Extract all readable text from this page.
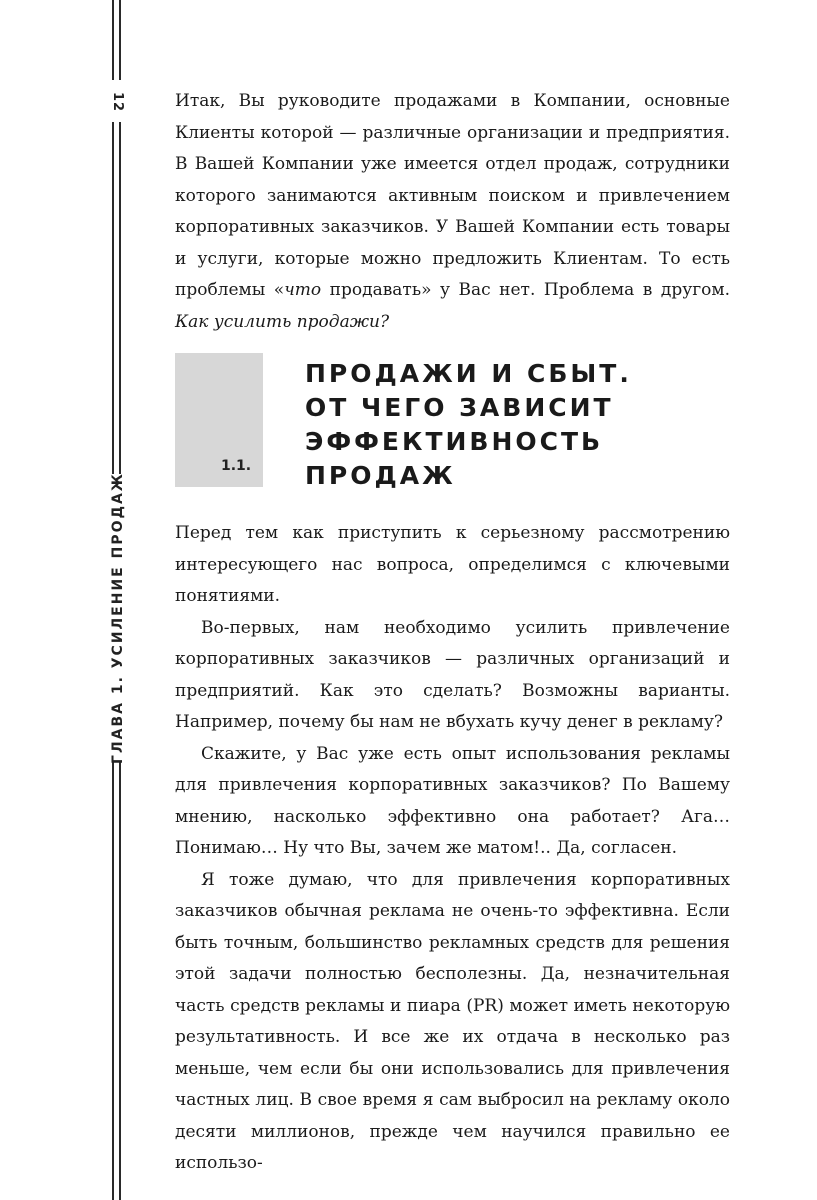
12
ГЛАВА 1. УСИЛЕНИЕ ПРОДАЖ

Итак, Вы руководите продажами в Компании, основные Клиенты которой — различные организации и предприятия. В Вашей Компании уже имеется отдел продаж, сотрудники которого занимаются активным поиском и привлечением корпоративных заказчиков. У Вашей Компании есть товары и услуги, которые можно предложить Клиентам. То есть проблемы «что продавать» у Вас нет. Проблема в другом. Как усилить продажи?

1.1.
ПРОДАЖИ И СБЫТ.
ОТ ЧЕГО ЗАВИСИТ
ЭФФЕКТИВНОСТЬ
ПРОДАЖ

Перед тем как приступить к серьезному рассмотрению интересующего нас вопроса, определимся с ключевыми понятиями.

Во-первых, нам необходимо усилить привлечение корпоративных заказчиков — различных организаций и предприятий. Как это сделать? Возможны варианты. Например, почему бы нам не вбухать кучу денег в рекламу?

Скажите, у Вас уже есть опыт использования рекламы для привлечения корпоративных заказчиков? По Вашему мнению, насколько эффективно она работает? Ага… Понимаю… Ну что Вы, зачем же матом!.. Да, согласен.

Я тоже думаю, что для привлечения корпоративных заказчиков обычная реклама не очень-то эффективна. Если быть точным, большинство рекламных средств для решения этой задачи полностью бесполезны. Да, незначительная часть средств рекламы и пиара (PR) может иметь некоторую результативность. И все же их отдача в несколько раз меньше, чем если бы они использовались для привлечения частных лиц. В свое время я сам выбросил на рекламу около десяти миллионов, прежде чем научился правильно ее использо-
